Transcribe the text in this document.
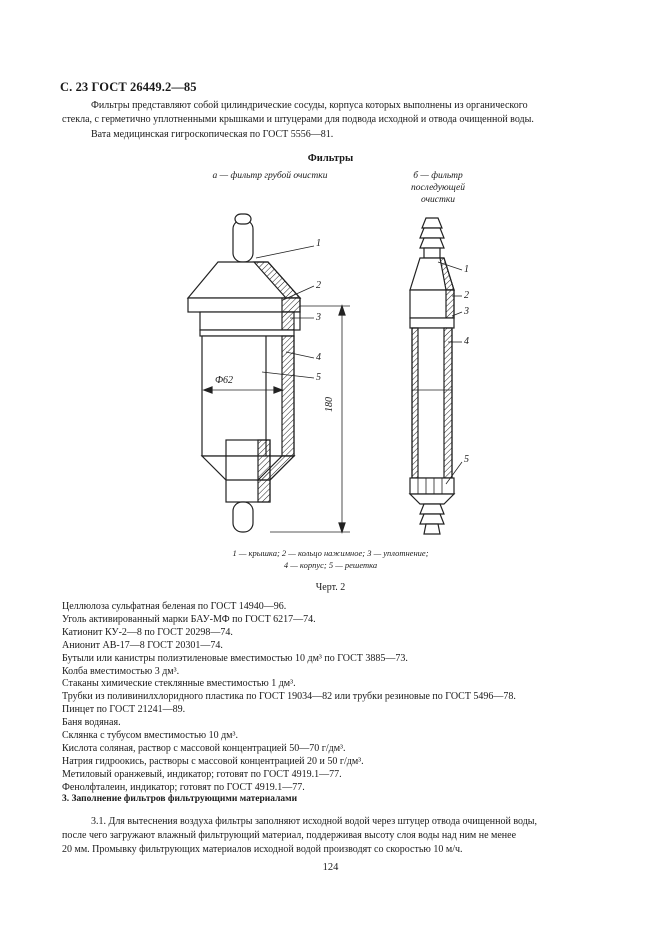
С. 23 ГОСТ 26449.2—85
Фильтры представляют собой цилиндрические сосуды, корпуса которых выполнены из органического
стекла, с герметично уплотненными крышками и штуцерами для подвода исходной и отвода очищенной воды.
Вата медицинская гигроскопическая по ГОСТ 5556—81.
Фильтры
а — фильтр грубой очистки	б — фильтр
последующей
очистки
Ф62
180
1
2
3
4
5
1
2
3
4
5
1 — крышка; 2 — кольцо нажимное; 3 — уплотнение;
4 — корпус; 5 — решетка
Черт. 2
Целлюлоза сульфатная беленая по ГОСТ 14940—96.
Уголь активированный марки БАУ-МФ по ГОСТ 6217—74.
Катионит КУ-2—8 по ГОСТ 20298—74.
Анионит АВ-17—8 ГОСТ 20301—74.
Бутыли или канистры полиэтиленовые вместимостью 10 дм³ по ГОСТ 3885—73.
Колба вместимостью 3 дм³.
Стаканы химические стеклянные вместимостью 1 дм³.
Трубки из поливинилхлоридного пластика по ГОСТ 19034—82 или трубки резиновые по ГОСТ 5496—78.
Пинцет по ГОСТ 21241—89.
Баня водяная.
Склянка с тубусом вместимостью 10 дм³.
Кислота соляная, раствор с массовой концентрацией 50—70 г/дм³.
Натрия гидроокись, растворы с массовой концентрацией 20 и 50 г/дм³.
Метиловый оранжевый, индикатор; готовят по ГОСТ 4919.1—77.
Фенолфталеин, индикатор; готовят по ГОСТ 4919.1—77.
3. Заполнение фильтров фильтрующими материалами
3.1. Для вытеснения воздуха фильтры заполняют исходной водой через штуцер отвода очищенной воды,
после чего загружают влажный фильтрующий материал, поддерживая высоту слоя воды над ним не менее
20 мм. Промывку фильтрующих материалов исходной водой производят со скоростью 10 м/ч.
124
